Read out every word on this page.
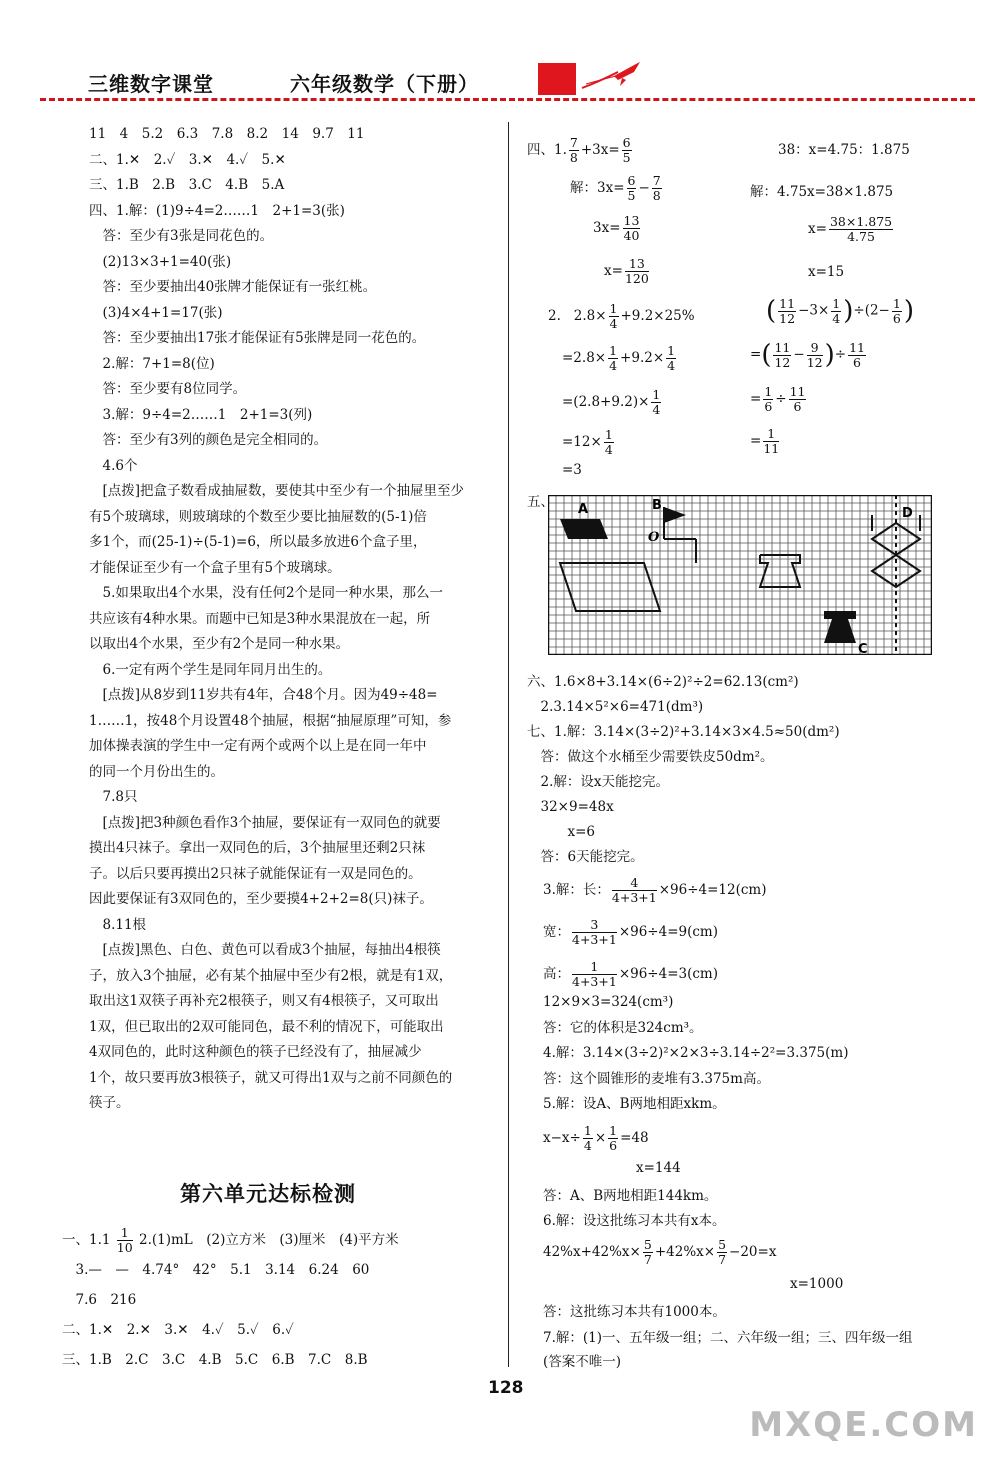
三维数字课堂	六年级数学（下册）
11　4　5.2　6.3　7.8　8.2　14　9.7　11
二、1.✕　2.✓　3.✕　4.✓　5.✕
三、1.B　2.B　3.C　4.B　5.A
四、1.解：(1)9÷4=2……1　2+1=3(张)
　答：至少有3张是同花色的。
　(2)13×3+1=40(张)
　答：至少要抽出40张牌才能保证有一张红桃。
　(3)4×4+1=17(张)
　答：至少要抽出17张才能保证有5张牌是同一花色的。
　2.解：7+1=8(位)
　答：至少要有8位同学。
　3.解：9÷4=2……1　2+1=3(列)
　答：至少有3列的颜色是完全相同的。
　4.6个
　[点拨]把盒子数看成抽屉数，要使其中至少有一个抽屉里至少
有5个玻璃球，则玻璃球的个数至少要比抽屉数的(5-1)倍
多1个，而(25-1)÷(5-1)=6，所以最多放进6个盒子里，
才能保证至少有一个盒子里有5个玻璃球。
　5.如果取出4个水果，没有任何2个是同一种水果，那么一
共应该有4种水果。而题中已知是3种水果混放在一起，所
以取出4个水果，至少有2个是同一种水果。
　6.一定有两个学生是同年同月出生的。
　[点拨]从8岁到11岁共有4年，合48个月。因为49÷48=
1……1，按48个月设置48个抽屉，根据“抽屉原理”可知，参
加体操表演的学生中一定有两个或两个以上是在同一年中
的同一个月份出生的。
　7.8只
　[点拨]把3种颜色看作3个抽屉，要保证有一双同色的就要
摸出4只袜子。拿出一双同色的后，3个抽屉里还剩2只袜
子。以后只要再摸出2只袜子就能保证有一双是同色的。
因此要保证有3双同色的，至少要摸4+2+2=8(只)袜子。
　8.11根
　[点拨]黑色、白色、黄色可以看成3个抽屉，每抽出4根筷
子，放入3个抽屉，必有某个抽屉中至少有2根，就是有1双，
取出这1双筷子再补充2根筷子，则又有4根筷子，又可取出
1双，但已取出的2双可能同色，最不利的情况下，可能取出
4双同色的，此时这种颜色的筷子已经没有了，抽屉减少
1个，故只要再放3根筷子，就又可得出1双与之前不同颜色的
筷子。
第六单元达标检测
一、$1.1 \frac{1}{10} 2.(1)mL$　(2)立方米　(3)厘米　(4)平方米
　3.—　—　4.74°　42°　5.1　3.14　6.24　60
　7.6　216
二、1.✕　2.✕　3.✕　4.✓　5.✓　6.✓
三、1.B　2.C　3.C　4.B　5.C　6.B　7.C　8.B
四、1. $\frac{7}{8} +3x= \frac{6}{5}$
解：$3x= \frac{6}{5} - \frac{7}{8}$
$3x= \frac{13}{40}$
$x= \frac{13}{120}$
38：x=4.75：1.875
解：4.75x=38×1.875
$x= \frac{38\times 1.875}{4.75}$
x=15
2. $2.8\times \frac{1}{4} +9.2\times 25\%$
$=2.8\times \frac{1}{4} +9.2\times \frac{1}{4}$
$=(2.8+9.2)\times \frac{1}{4}$
$=12\times \frac{1}{4}$
=3
( $\frac{11}{12} -3\times \frac{1}{4} )\div(2- \frac{1}{6}$ )
=( $\frac{11}{12} - \frac{9}{12}$ )÷ $\frac{11}{6}$
= $\frac{1}{6} \div \frac{11}{6}$
= $\frac{1}{11}$
五、 A	B
O
C
D
六、1.6×8+3.14×(6÷2)²÷2=62.13(cm²)
　2.3.14×5²×6=471(dm³)
七、1.解：3.14×(3÷2)²+3.14×3×4.5≈50(dm²)
　答：做这个水桶至少需要铁皮50dm²。
　2.解：设x天能挖完。
　32×9=48x
　　　x=6
　答：6天能挖完。
3.解：长： $\frac{4}{4+3+1} \times 96\div 4=12(cm)$
宽： $\frac{3}{4+3+1} \times 96\div 4=9(cm)$
高： $\frac{1}{4+3+1} \times 96\div 4=3(cm)$
12×9×3=324(cm³)
答：它的体积是324cm³。
4.解：3.14×(3÷2)²×2×3÷3.14÷2²=3.375(m)
答：这个圆锥形的麦堆有3.375m高。
5.解：设A、B两地相距xkm。
$x-x\div \frac{1}{4} \times \frac{1}{6} =48$
x=144
答：A、B两地相距144km。
6.解：设这批练习本共有x本。
$42\%x+42\%x\times \frac{5}{7} +42\%x\times \frac{5}{7} -20=x$
x=1000
答：这批练习本共有1000本。
7.解：(1)一、五年级一组；二、六年级一组；三、四年级一组
(答案不唯一)
128
MXQE.COM
